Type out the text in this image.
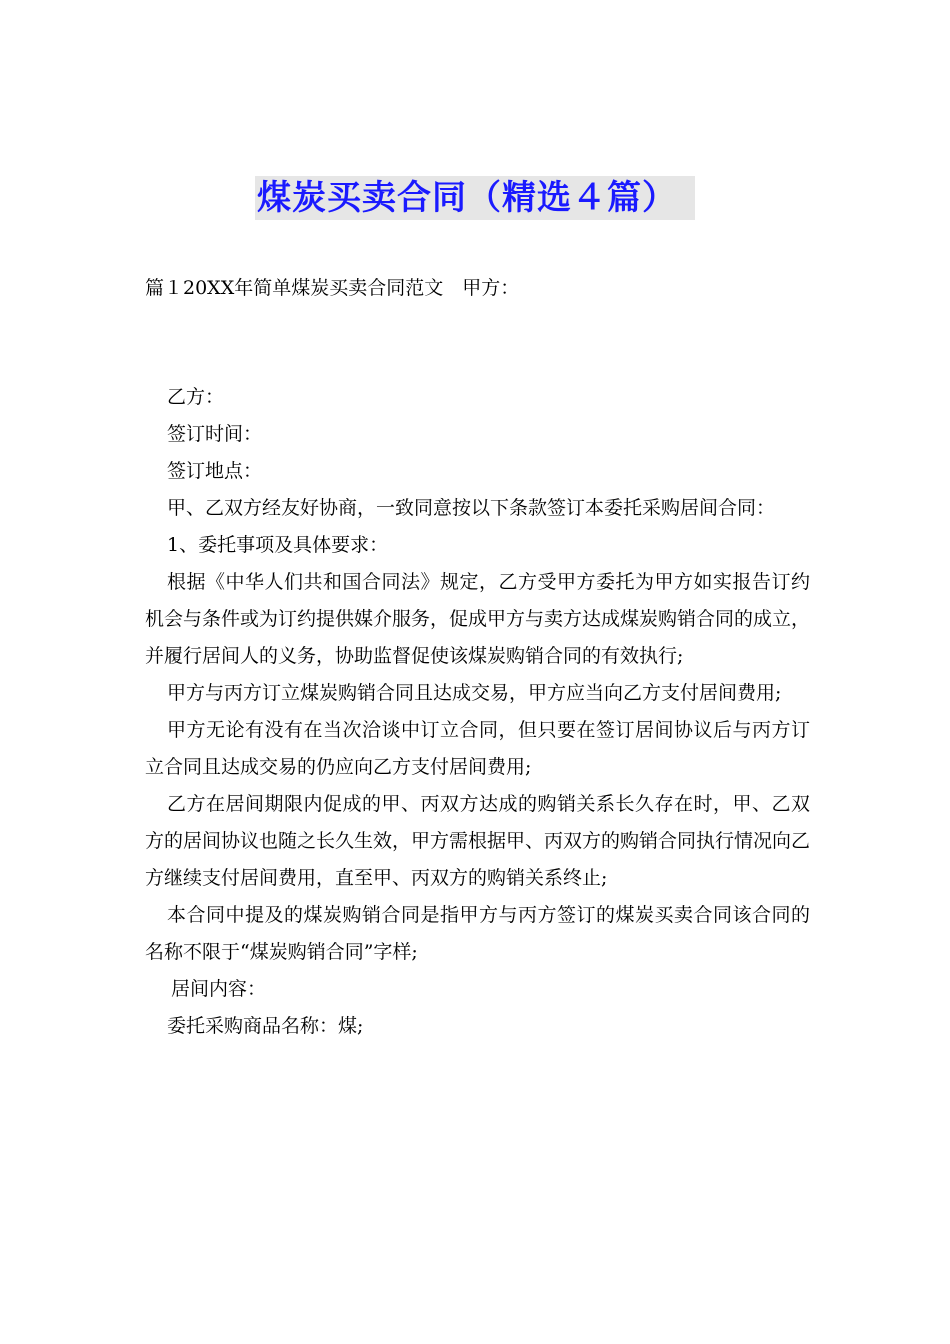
煤炭买卖合同（精选４篇）

篇１20XX年简单煤炭买卖合同范文　甲方：

乙方：

签订时间：

签订地点：

甲、乙双方经友好协商，一致同意按以下条款签订本委托采购居间合同：

1、委托事项及具体要求：

根据《中华人们共和国合同法》规定，乙方受甲方委托为甲方如实报告订约机会与条件或为订约提供媒介服务，促成甲方与卖方达成煤炭购销合同的成立，并履行居间人的义务，协助监督促使该煤炭购销合同的有效执行;

甲方与丙方订立煤炭购销合同且达成交易，甲方应当向乙方支付居间费用;

甲方无论有没有在当次洽谈中订立合同，但只要在签订居间协议后与丙方订立合同且达成交易的仍应向乙方支付居间费用;

乙方在居间期限内促成的甲、丙双方达成的购销关系长久存在时，甲、乙双方的居间协议也随之长久生效，甲方需根据甲、丙双方的购销合同执行情况向乙方继续支付居间费用，直至甲、丙双方的购销关系终止;

本合同中提及的煤炭购销合同是指甲方与丙方签订的煤炭买卖合同该合同的名称不限于“煤炭购销合同”字样;

居间内容：

委托采购商品名称：煤;
